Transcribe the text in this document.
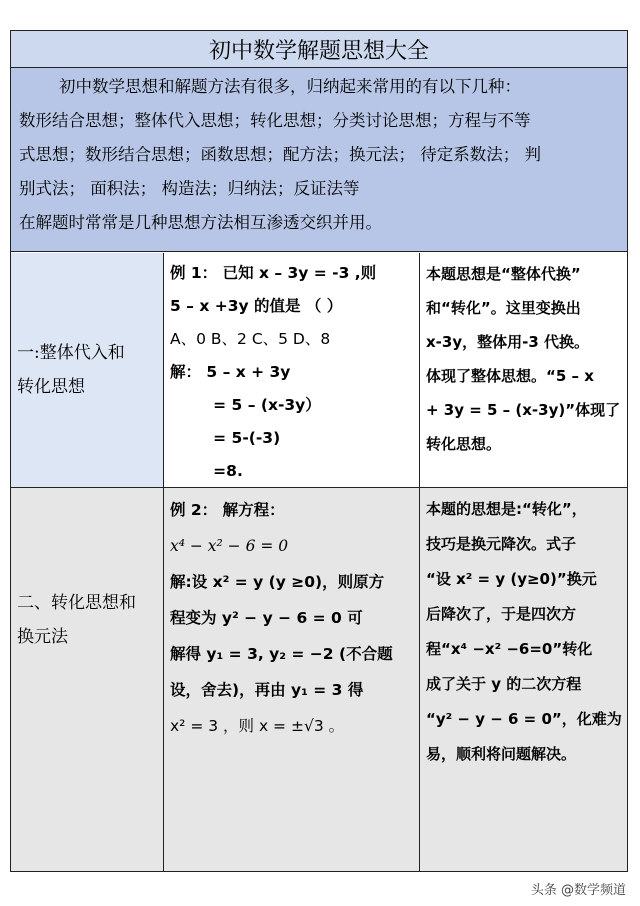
初中数学解题思想大全
初中数学思想和解题方法有很多，归纳起来常用的有以下几种：
数形结合思想；整体代入思想；转化思想；分类讨论思想；方程与不等
式思想；数形结合思想；函数思想；配方法；换元法； 待定系数法； 判
别式法； 面积法； 构造法；归纳法；反证法等
在解题时常常是几种思想方法相互渗透交织并用。
一:整体代入和
转化思想
例 1： 已知 x – 3y = -3 ,则
5 – x +3y 的值是 （ ）
A、0 B、2 C、5 D、8
解： 5 – x + 3y
= 5 – (x-3y）
= 5-(-3)
=8.
本题思想是“整体代换”
和“转化”。这里变换出
x-3y，整体用-3 代换。
体现了整体思想。“5 – x
+ 3y = 5 – (x-3y)”体现了
转化思想。
二、转化思想和
换元法
例 2： 解方程：
x⁴ − x² − 6 = 0
解:设 x² = y (y ≥0)，则原方
程变为 y² − y − 6 = 0 可
解得 y₁ = 3, y₂ = −2 (不合题
设，舍去)，再由 y₁ = 3 得
x² = 3 ，则 x = ±√3 。
本题的思想是:“转化”，
技巧是换元降次。式子
“设 x² = y (y≥0)”换元
后降次了，于是四次方
程“x⁴ −x² −6=0”转化
成了关于 y 的二次方程
“y² − y − 6 = 0”，化难为
易，顺利将问题解决。
头条 @数学频道
